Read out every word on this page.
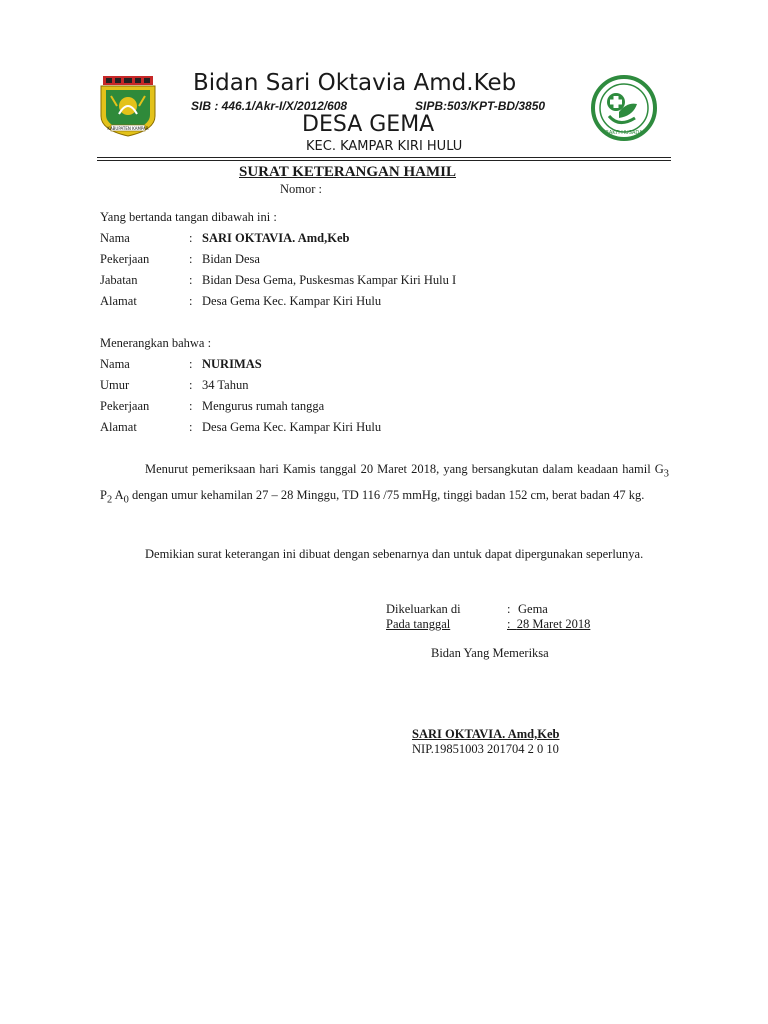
KABUPATEN KAMPAR
BAKTI HUSADA
Bidan Sari Oktavia Amd.Keb
SIB : 446.1/Akr-I/X/2012/608	SIPB:503/KPT-BD/3850
DESA GEMA
KEC. KAMPAR KIRI HULU
SURAT KETERANGAN HAMIL
Nomor :
Yang bertanda tangan dibawah ini :
Nama	: SARI OKTAVIA. Amd,Keb
Pekerjaan	: Bidan Desa
Jabatan	: Bidan Desa Gema, Puskesmas Kampar Kiri Hulu I
Alamat	: Desa Gema Kec. Kampar Kiri Hulu
Menerangkan bahwa :
Nama	: NURIMAS
Umur	: 34 Tahun
Pekerjaan	: Mengurus rumah tangga
Alamat	: Desa Gema Kec. Kampar Kiri Hulu
Menurut pemeriksaan hari Kamis tanggal 20 Maret 2018, yang bersangkutan dalam keadaan hamil $G_3$ $P_2$ $A_0$ dengan umur kehamilan 27 – 28 Minggu, TD 116 /75 mmHg, tinggi badan 152 cm, berat badan 47 kg.
Demikian surat keterangan ini dibuat dengan sebenarnya dan untuk dapat dipergunakan seperlunya.
Dikeluarkan di	: Gema
Pada tanggal	: 28 Maret 2018
Bidan Yang Memeriksa
SARI OKTAVIA. Amd,Keb
NIP.19851003 201704 2 0 10
